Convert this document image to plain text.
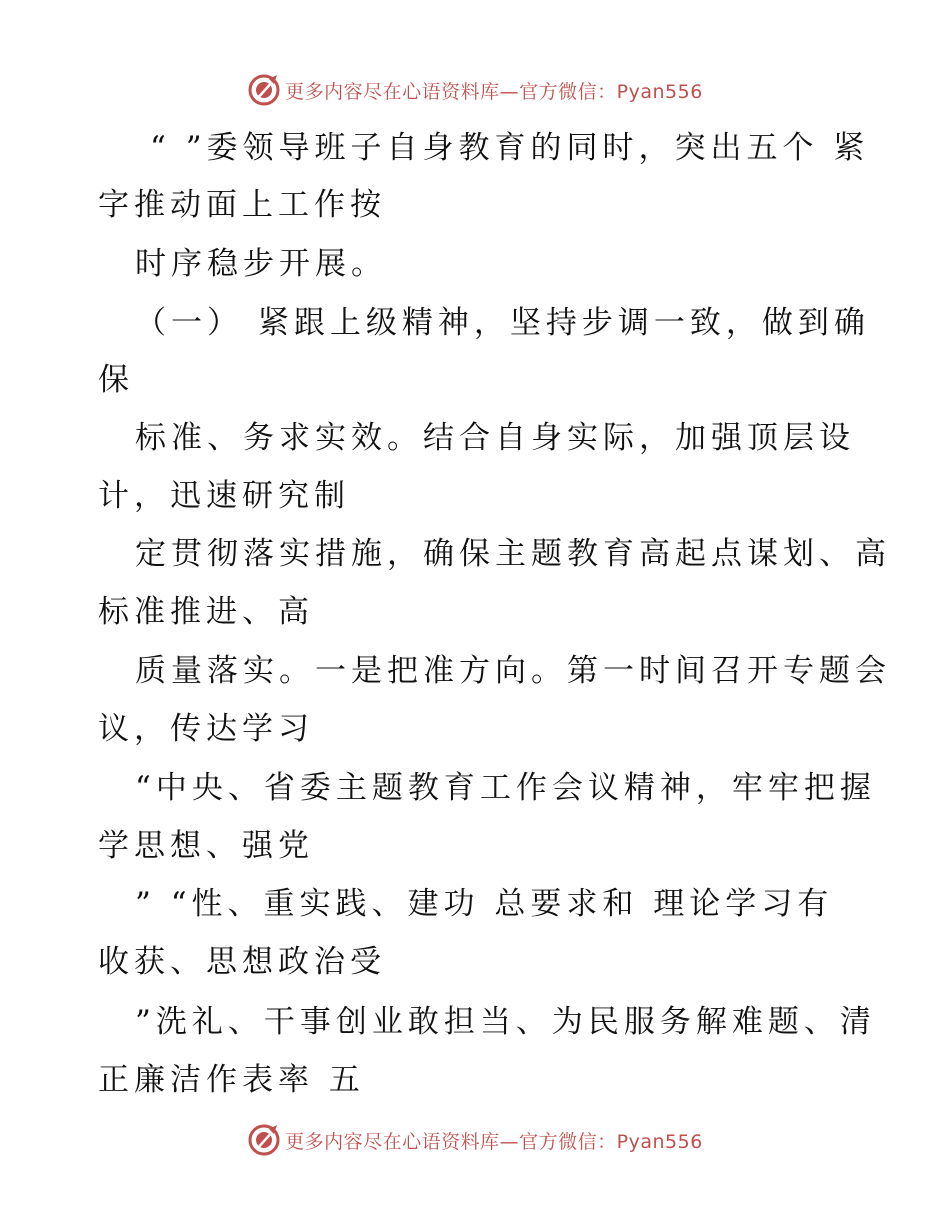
更多内容尽在心语资料库—官方微信：Pyan556
“ ”委领导班子自身教育的同时，突出五个 紧
字推动面上工作按
时序稳步开展。
（一） 紧跟上级精神，坚持步调一致，做到确
保
标准、务求实效。结合自身实际，加强顶层设
计，迅速研究制
定贯彻落实措施，确保主题教育高起点谋划、高
标准推进、高
质量落实。一是把准方向。第一时间召开专题会
议，传达学习
“中央、省委主题教育工作会议精神，牢牢把握
学思想、强党
” “性、重实践、建功 总要求和 理论学习有
收获、思想政治受
”洗礼、干事创业敢担当、为民服务解难题、清
正廉洁作表率 五
更多内容尽在心语资料库—官方微信：Pyan556
